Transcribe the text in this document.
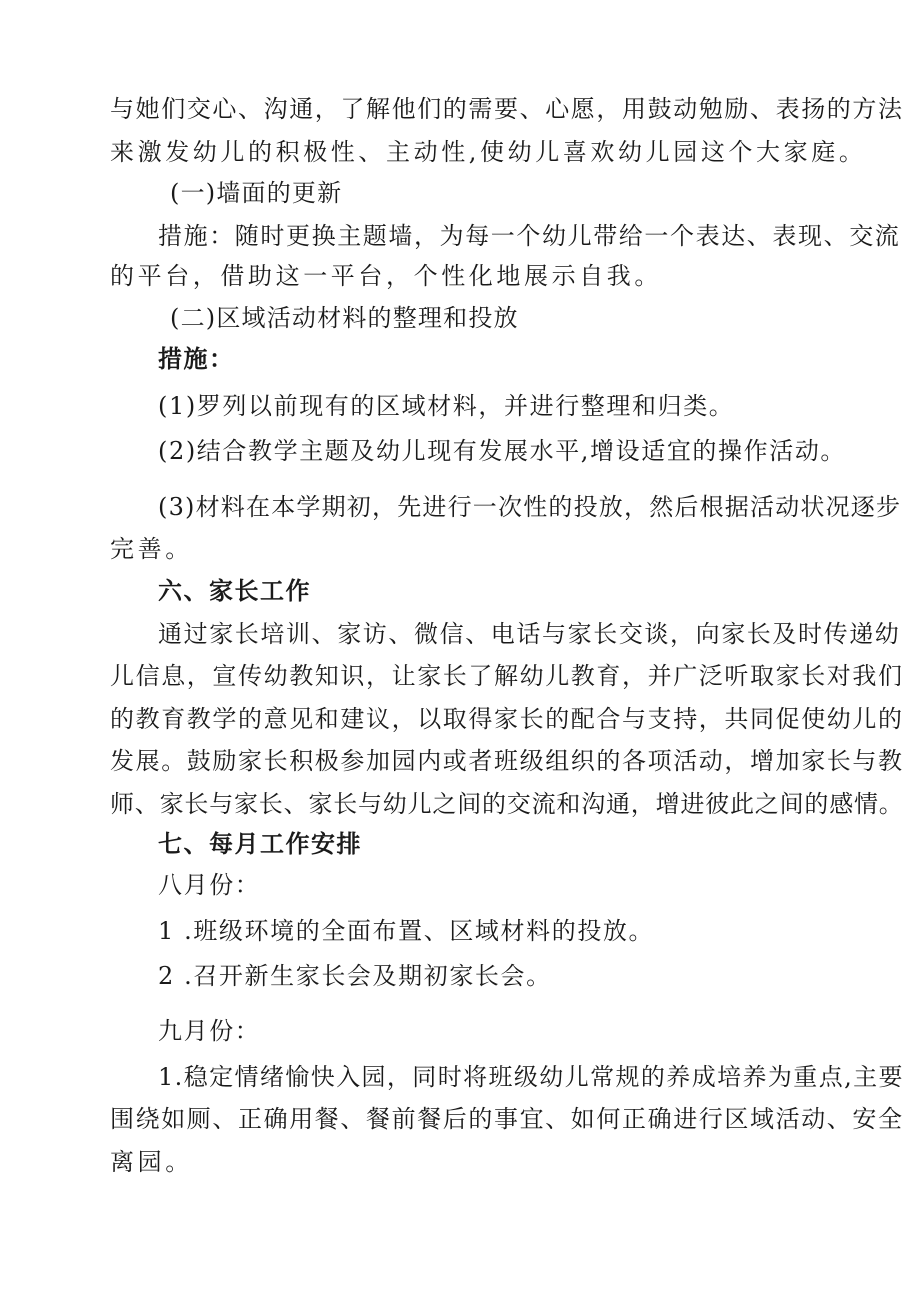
与她们交心、沟通，了解他们的需要、心愿，用鼓动勉励、表扬的方法
来激发幼儿的积极性、主动性,使幼儿喜欢幼儿园这个大家庭。
(一)墙面的更新
措施：随时更换主题墙，为每一个幼儿带给一个表达、表现、交流
的平台，借助这一平台，个性化地展示自我。
(二)区域活动材料的整理和投放
措施：
(1)罗列以前现有的区域材料，并进行整理和归类。
(2)结合教学主题及幼儿现有发展水平,增设适宜的操作活动。
(3)材料在本学期初，先进行一次性的投放，然后根据活动状况逐步
完善。
六、家长工作
通过家长培训、家访、微信、电话与家长交谈，向家长及时传递幼
儿信息，宣传幼教知识，让家长了解幼儿教育，并广泛听取家长对我们
的教育教学的意见和建议，以取得家长的配合与支持，共同促使幼儿的
发展。鼓励家长积极参加园内或者班级组织的各项活动，增加家长与教
师、家长与家长、家长与幼儿之间的交流和沟通，增进彼此之间的感情。
七、每月工作安排
八月份：
1 .班级环境的全面布置、区域材料的投放。
2 .召开新生家长会及期初家长会。
九月份：
1.稳定情绪愉快入园，同时将班级幼儿常规的养成培养为重点,主要
围绕如厕、正确用餐、餐前餐后的事宜、如何正确进行区域活动、安全
离园。
